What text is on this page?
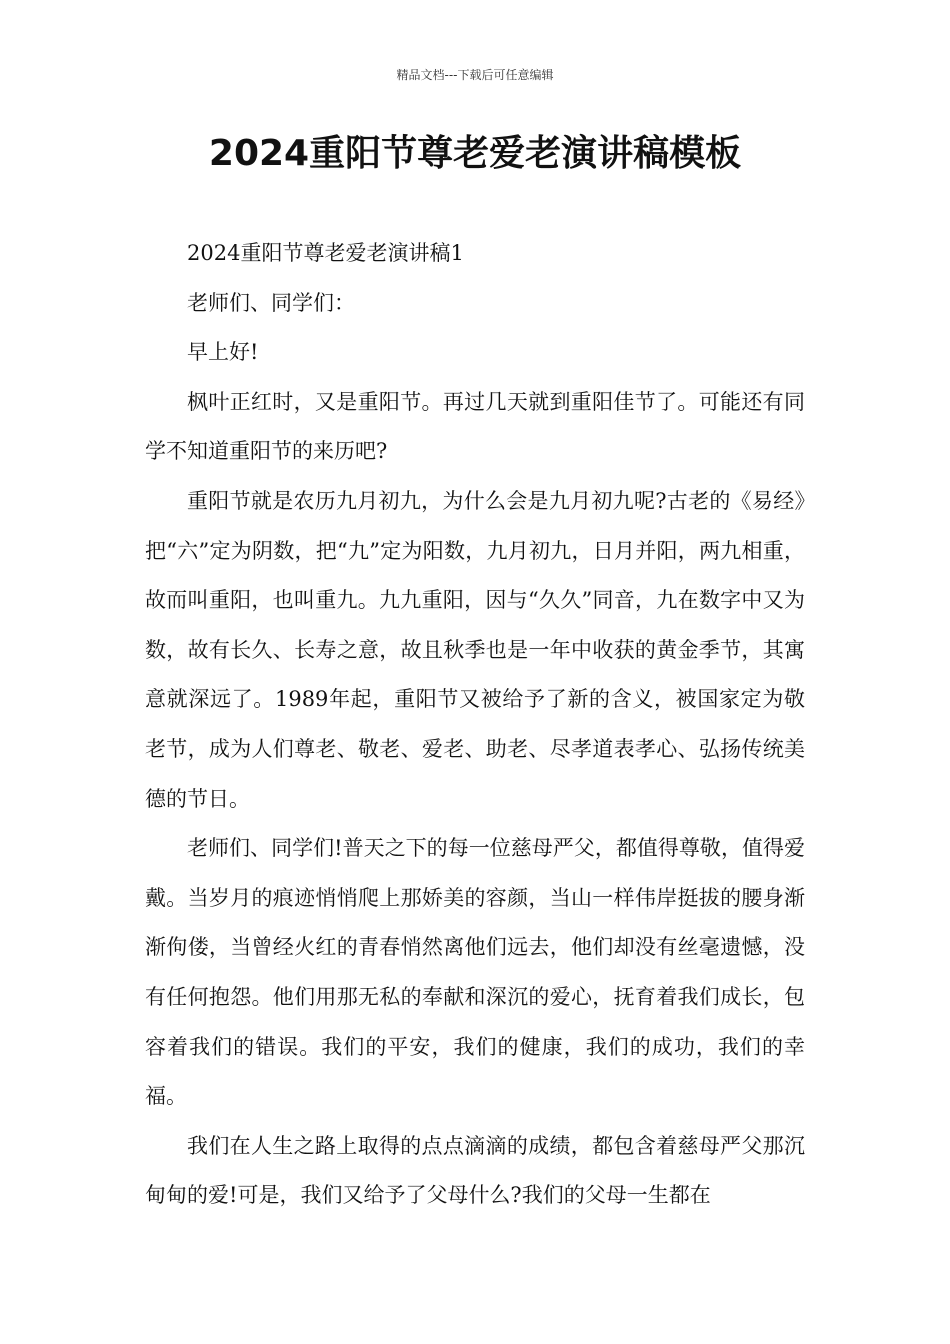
精品文档---下载后可任意编辑
2024重阳节尊老爱老演讲稿模板

2024重阳节尊老爱老演讲稿1

老师们、同学们：

早上好!

枫叶正红时，又是重阳节。再过几天就到重阳佳节了。可能还有同学不知道重阳节的来历吧?

重阳节就是农历九月初九，为什么会是九月初九呢?古老的《易经》把“六”定为阴数，把“九”定为阳数，九月初九，日月并阳，两九相重，故而叫重阳，也叫重九。九九重阳，因与“久久”同音，九在数字中又为数，故有长久、长寿之意，故且秋季也是一年中收获的黄金季节，其寓意就深远了。1989年起，重阳节又被给予了新的含义，被国家定为敬老节，成为人们尊老、敬老、爱老、助老、尽孝道表孝心、弘扬传统美德的节日。

老师们、同学们!普天之下的每一位慈母严父，都值得尊敬，值得爱戴。当岁月的痕迹悄悄爬上那娇美的容颜，当山一样伟岸挺拔的腰身渐渐佝偻，当曾经火红的青春悄然离他们远去，他们却没有丝毫遗憾，没有任何抱怨。他们用那无私的奉献和深沉的爱心，抚育着我们成长，包容着我们的错误。我们的平安，我们的健康，我们的成功，我们的幸福。

我们在人生之路上取得的点点滴滴的成绩，都包含着慈母严父那沉甸甸的爱!可是，我们又给予了父母什么?我们的父母一生都在
